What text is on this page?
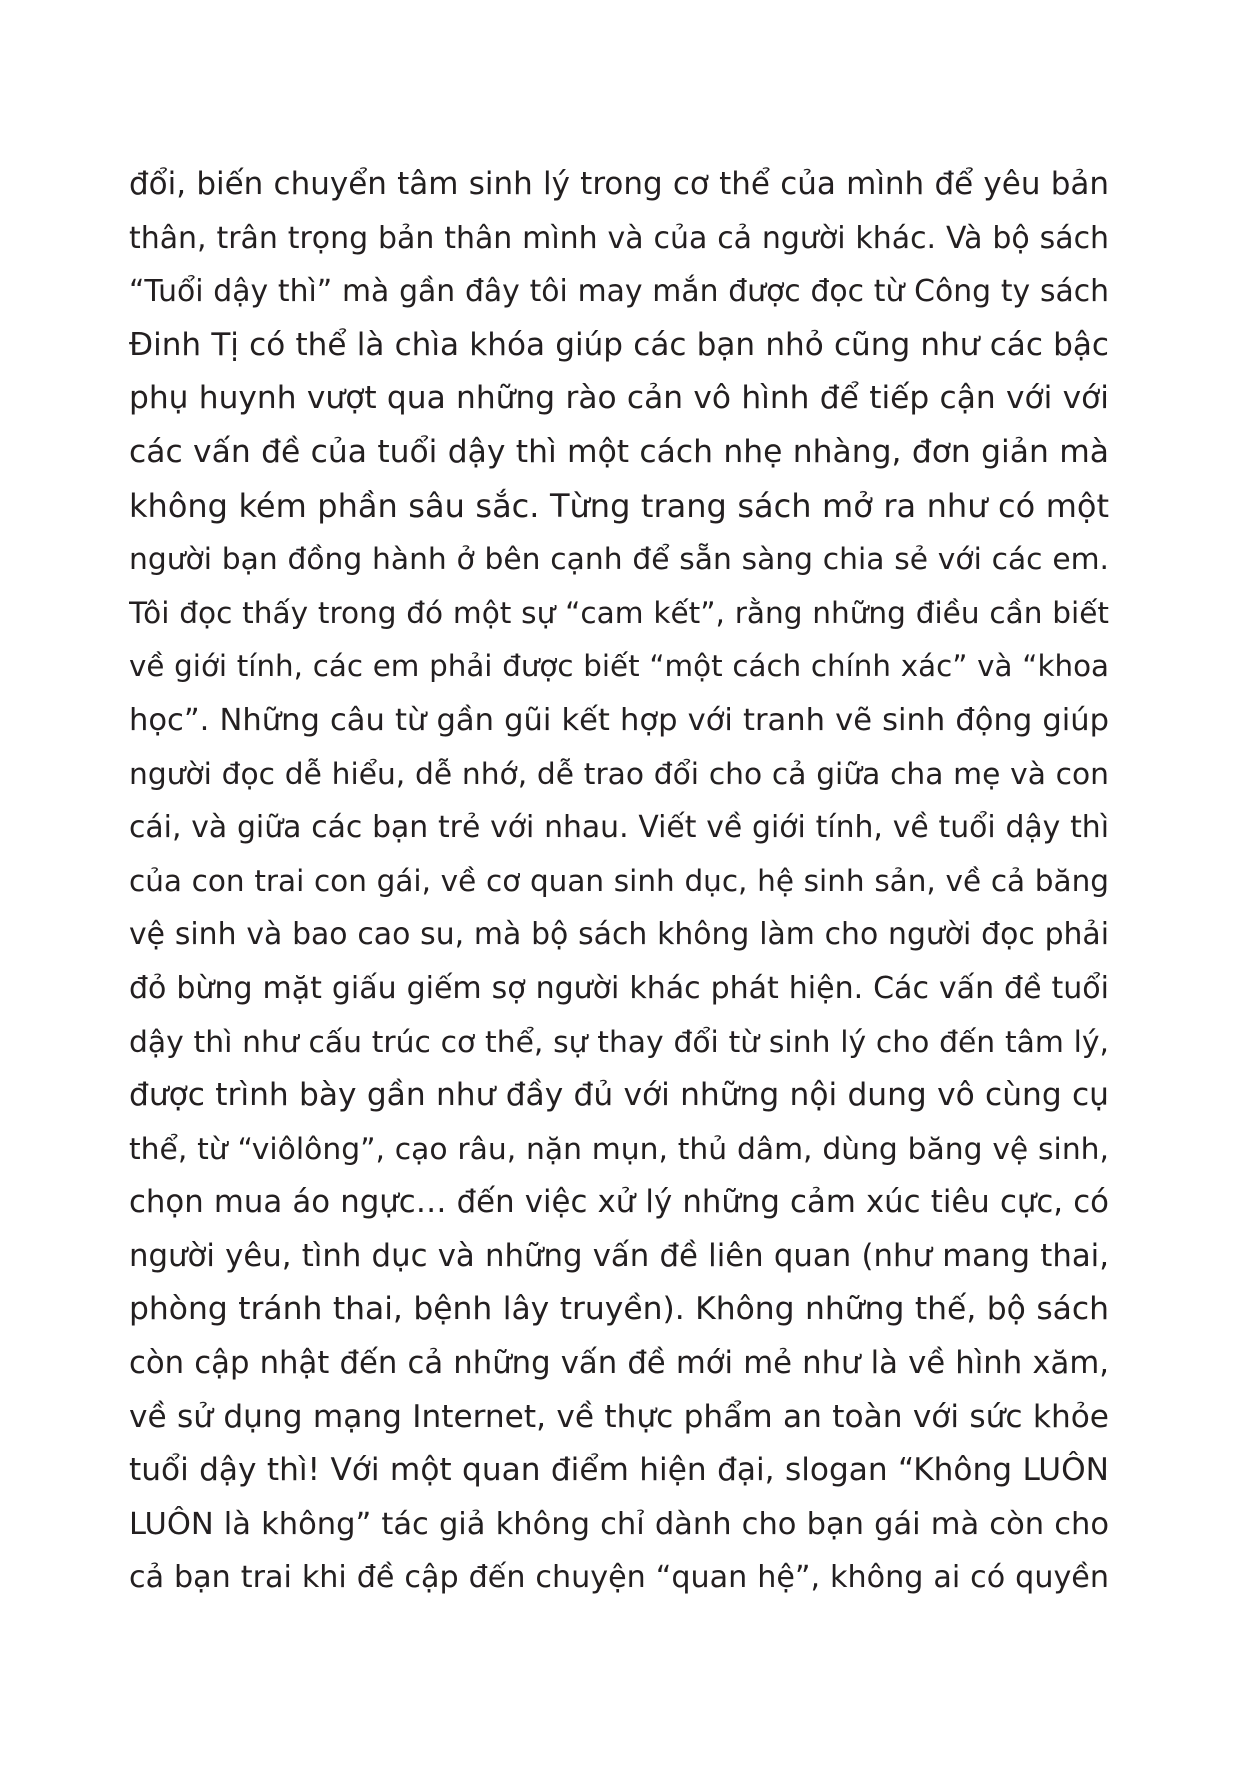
đổi, biến chuyển tâm sinh lý trong cơ thể của mình để yêu bản
thân, trân trọng bản thân mình và của cả người khác. Và bộ sách
“Tuổi dậy thì” mà gần đây tôi may mắn được đọc từ Công ty sách
Đinh Tị có thể là chìa khóa giúp các bạn nhỏ cũng như các bậc
phụ huynh vượt qua những rào cản vô hình để tiếp cận với với
các vấn đề của tuổi dậy thì một cách nhẹ nhàng, đơn giản mà
không kém phần sâu sắc. Từng trang sách mở ra như có một
người bạn đồng hành ở bên cạnh để sẵn sàng chia sẻ với các em.
Tôi đọc thấy trong đó một sự “cam kết”, rằng những điều cần biết
về giới tính, các em phải được biết “một cách chính xác” và “khoa
học”. Những câu từ gần gũi kết hợp với tranh vẽ sinh động giúp
người đọc dễ hiểu, dễ nhớ, dễ trao đổi cho cả giữa cha mẹ và con
cái, và giữa các bạn trẻ với nhau. Viết về giới tính, về tuổi dậy thì
của con trai con gái, về cơ quan sinh dục, hệ sinh sản, về cả băng
vệ sinh và bao cao su, mà bộ sách không làm cho người đọc phải
đỏ bừng mặt giấu giếm sợ người khác phát hiện. Các vấn đề tuổi
dậy thì như cấu trúc cơ thể, sự thay đổi từ sinh lý cho đến tâm lý,
được trình bày gần như đầy đủ với những nội dung vô cùng cụ
thể, từ “viôlông”, cạo râu, nặn mụn, thủ dâm, dùng băng vệ sinh,
chọn mua áo ngực… đến việc xử lý những cảm xúc tiêu cực, có
người yêu, tình dục và những vấn đề liên quan (như mang thai,
phòng tránh thai, bệnh lây truyền). Không những thế, bộ sách
còn cập nhật đến cả những vấn đề mới mẻ như là về hình xăm,
về sử dụng mạng Internet, về thực phẩm an toàn với sức khỏe
tuổi dậy thì! Với một quan điểm hiện đại, slogan “Không LUÔN
LUÔN là không” tác giả không chỉ dành cho bạn gái mà còn cho
cả bạn trai khi đề cập đến chuyện “quan hệ”, không ai có quyền
